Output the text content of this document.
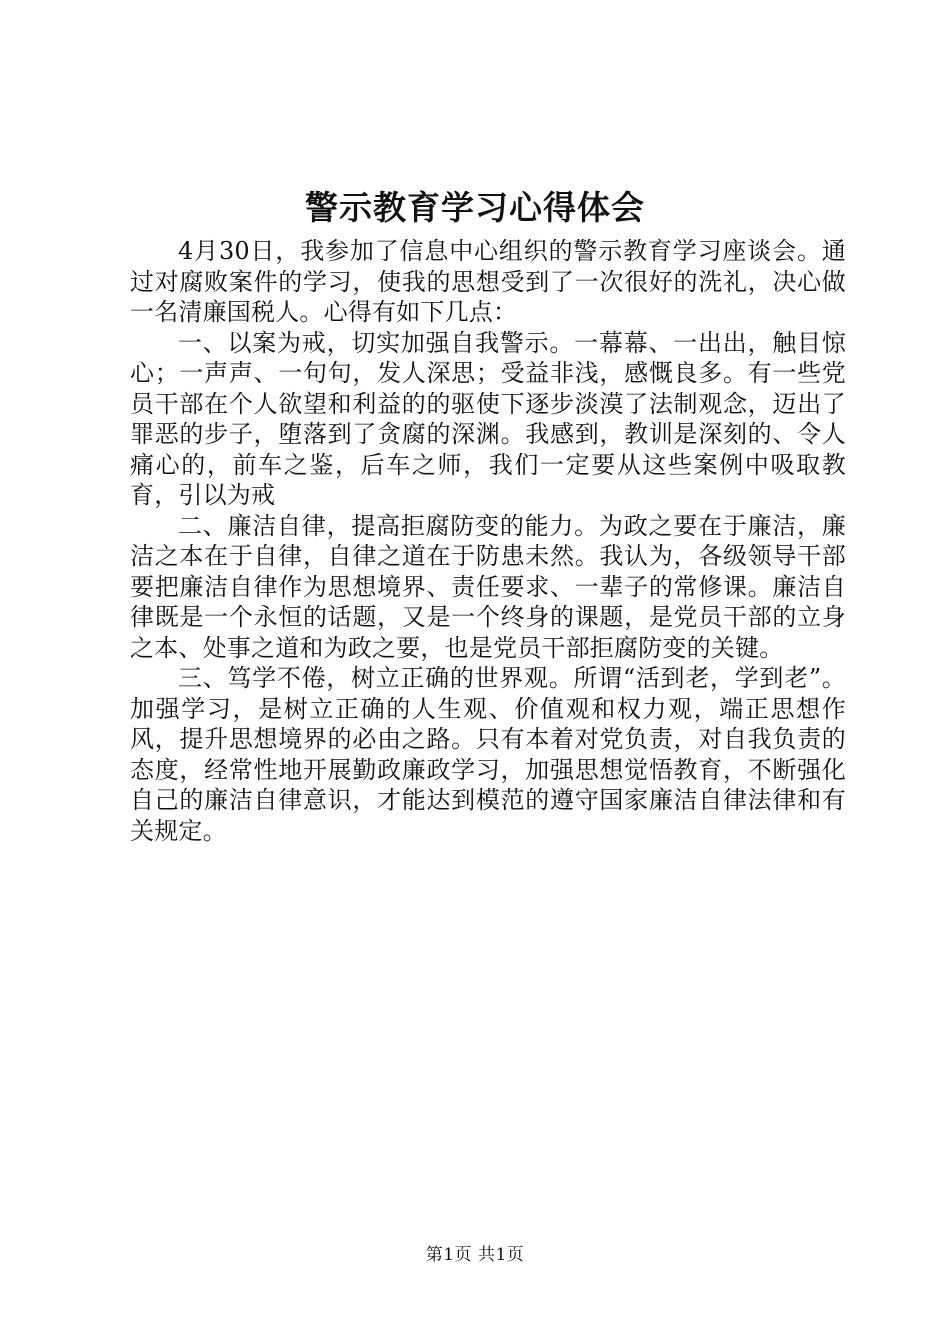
警示教育学习心得体会

4月30日，我参加了信息中心组织的警示教育学习座谈会。通过对腐败案件的学习，使我的思想受到了一次很好的洗礼，决心做一名清廉国税人。心得有如下几点：

一、以案为戒，切实加强自我警示。一幕幕、一出出，触目惊心；一声声、一句句，发人深思；受益非浅，感慨良多。有一些党员干部在个人欲望和利益的的驱使下逐步淡漠了法制观念，迈出了罪恶的步子，堕落到了贪腐的深渊。我感到，教训是深刻的、令人痛心的，前车之鉴，后车之师，我们一定要从这些案例中吸取教育，引以为戒

二、廉洁自律，提高拒腐防变的能力。为政之要在于廉洁，廉洁之本在于自律，自律之道在于防患未然。我认为，各级领导干部要把廉洁自律作为思想境界、责任要求、一辈子的常修课。廉洁自律既是一个永恒的话题，又是一个终身的课题，是党员干部的立身之本、处事之道和为政之要，也是党员干部拒腐防变的关键。

三、笃学不倦，树立正确的世界观。所谓“活到老，学到老”。加强学习，是树立正确的人生观、价值观和权力观，端正思想作风，提升思想境界的必由之路。只有本着对党负责，对自我负责的态度，经常性地开展勤政廉政学习，加强思想觉悟教育，不断强化自己的廉洁自律意识，才能达到模范的遵守国家廉洁自律法律和有关规定。

第1页 共1页
